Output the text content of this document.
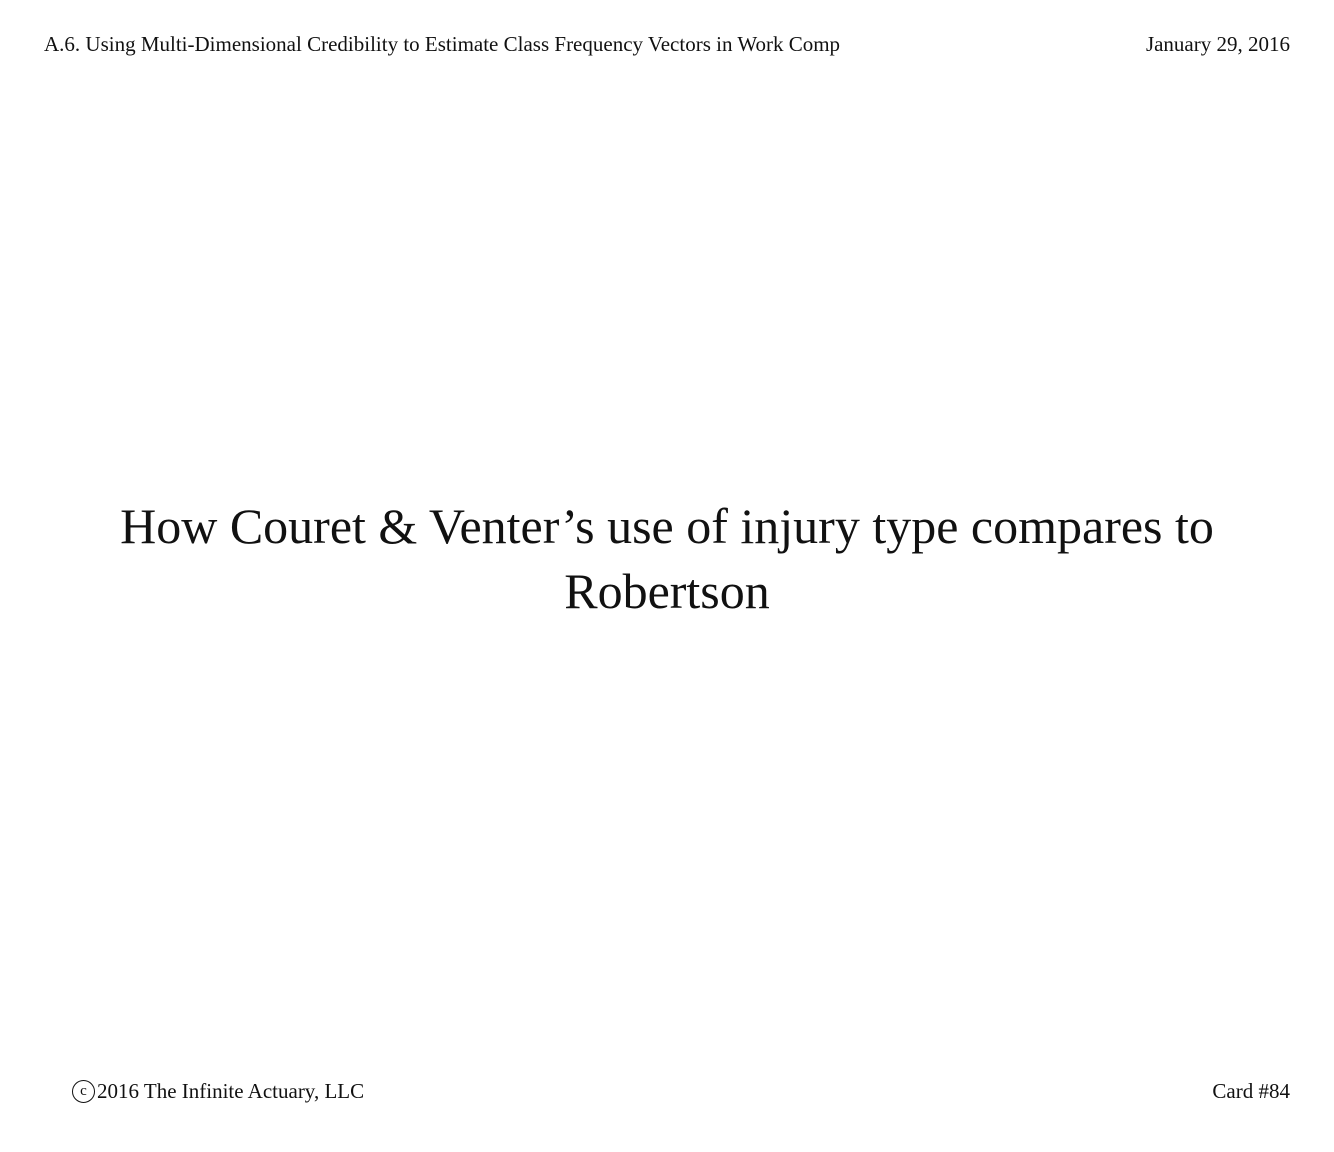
A.6. Using Multi-Dimensional Credibility to Estimate Class Frequency Vectors in Work Comp	January 29, 2016
How Couret & Venter’s use of injury type compares to Robertson
c 2016 The Infinite Actuary, LLC	Card #84
